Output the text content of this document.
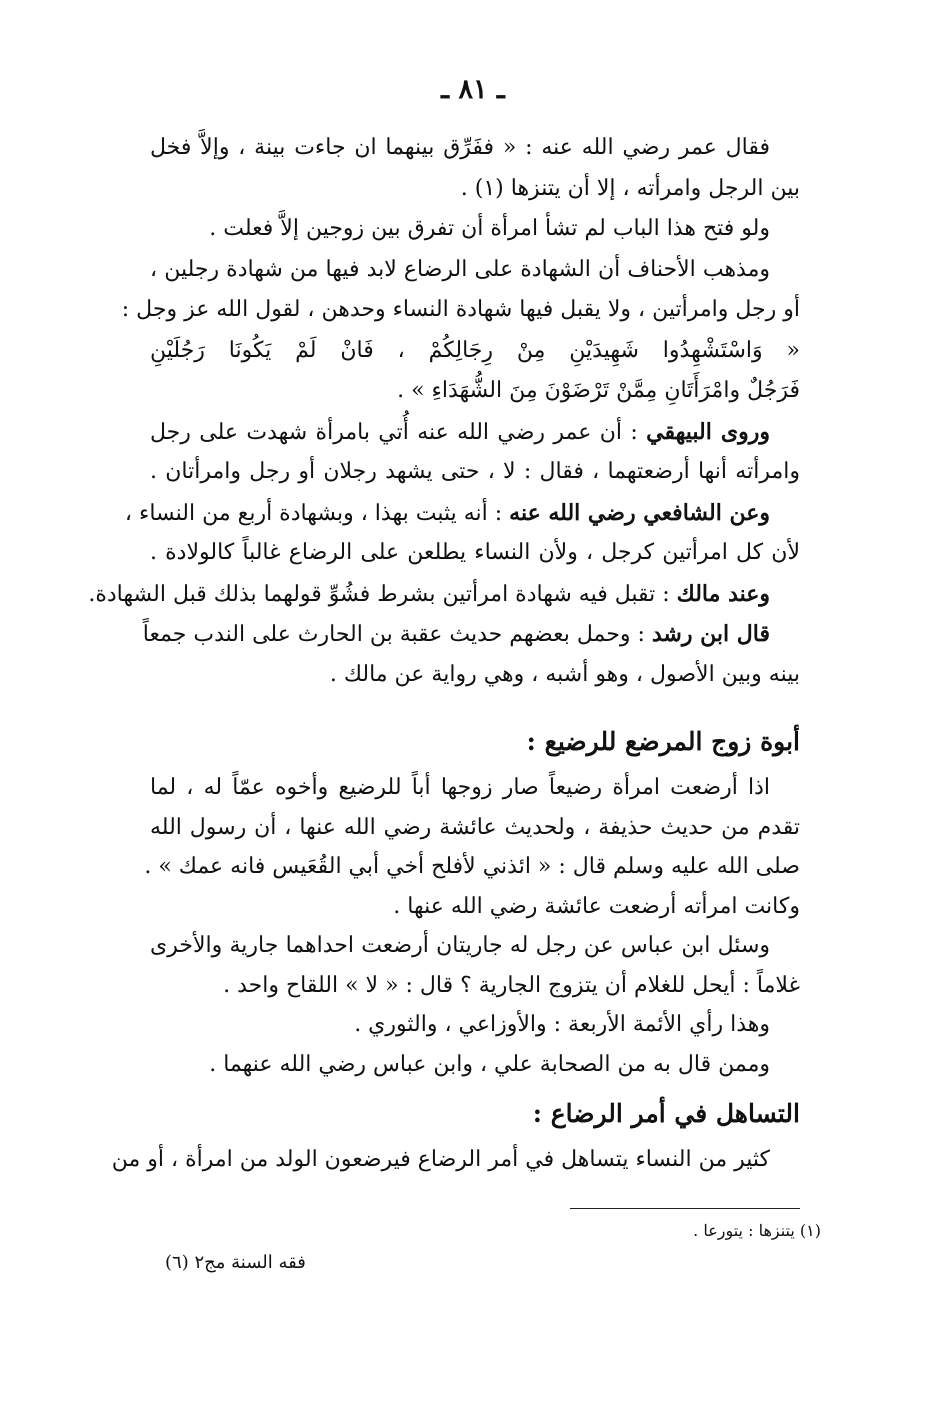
ـ ٨١ ـ
فقال عمر رضي الله عنه : « ففَرِّق بينهما ان جاءت بينة ، وإلاَّ فخل
بين الرجل وامرأته ، إلا أن يتنزها (١) .
ولو فتح هذا الباب لم تشأ امرأة أن تفرق بين زوجين إلاَّ فعلت .
ومذهب الأحناف أن الشهادة على الرضاع لابد فيها من شهادة رجلين ،
أو رجل وامرأتين ، ولا يقبل فيها شهادة النساء وحدهن ، لقول الله عز وجل :
« وَاسْتَشْهِدُوا شَهِيدَيْنِ مِنْ رِجَالِكُمْ ، فَانْ لَمْ يَكُونَا رَجُلَيْنِ
فَرَجُلٌ وامْرَأَتَانِ مِمَّنْ تَرْضَوْنَ مِنَ الشُّهَدَاءِ » .
وروى البيهقي : أن عمر رضي الله عنه أُتي بامرأة شهدت على رجل
وامرأته أنها أرضعتهما ، فقال : لا ، حتى يشهد رجلان أو رجل وامرأتان .
وعن الشافعي رضي الله عنه : أنه يثبت بهذا ، وبشهادة أربع من النساء ،
لأن كل امرأتين كرجل ، ولأن النساء يطلعن على الرضاع غالباً كالولادة .
وعند مالك : تقبل فيه شهادة امرأتين بشرط فشُوِّ قولهما بذلك قبل الشهادة.
قال ابن رشد : وحمل بعضهم حديث عقبة بن الحارث على الندب جمعاً
بينه وبين الأصول ، وهو أشبه ، وهي رواية عن مالك .
أبوة زوج المرضع للرضيع :
اذا أرضعت امرأة رضيعاً صار زوجها أباً للرضيع وأخوه عمّاً له ، لما
تقدم من حديث حذيفة ، ولحديث عائشة رضي الله عنها ، أن رسول الله
صلى الله عليه وسلم قال : « ائذني لأفلح أخي أبي القُعَيس فانه عمك » .
وكانت امرأته أرضعت عائشة رضي الله عنها .
وسئل ابن عباس عن رجل له جاريتان أرضعت احداهما جارية والأخرى
غلاماً : أيحل للغلام أن يتزوج الجارية ؟ قال : « لا » اللقاح واحد .
وهذا رأي الأئمة الأربعة : والأوزاعي ، والثوري .
وممن قال به من الصحابة علي ، وابن عباس رضي الله عنهما .
التساهل في أمر الرضاع :
كثير من النساء يتساهل في أمر الرضاع فيرضعون الولد من امرأة ، أو من
(١) يتنزها : يتورعا .
فقه السنة مج٢ (٦)
